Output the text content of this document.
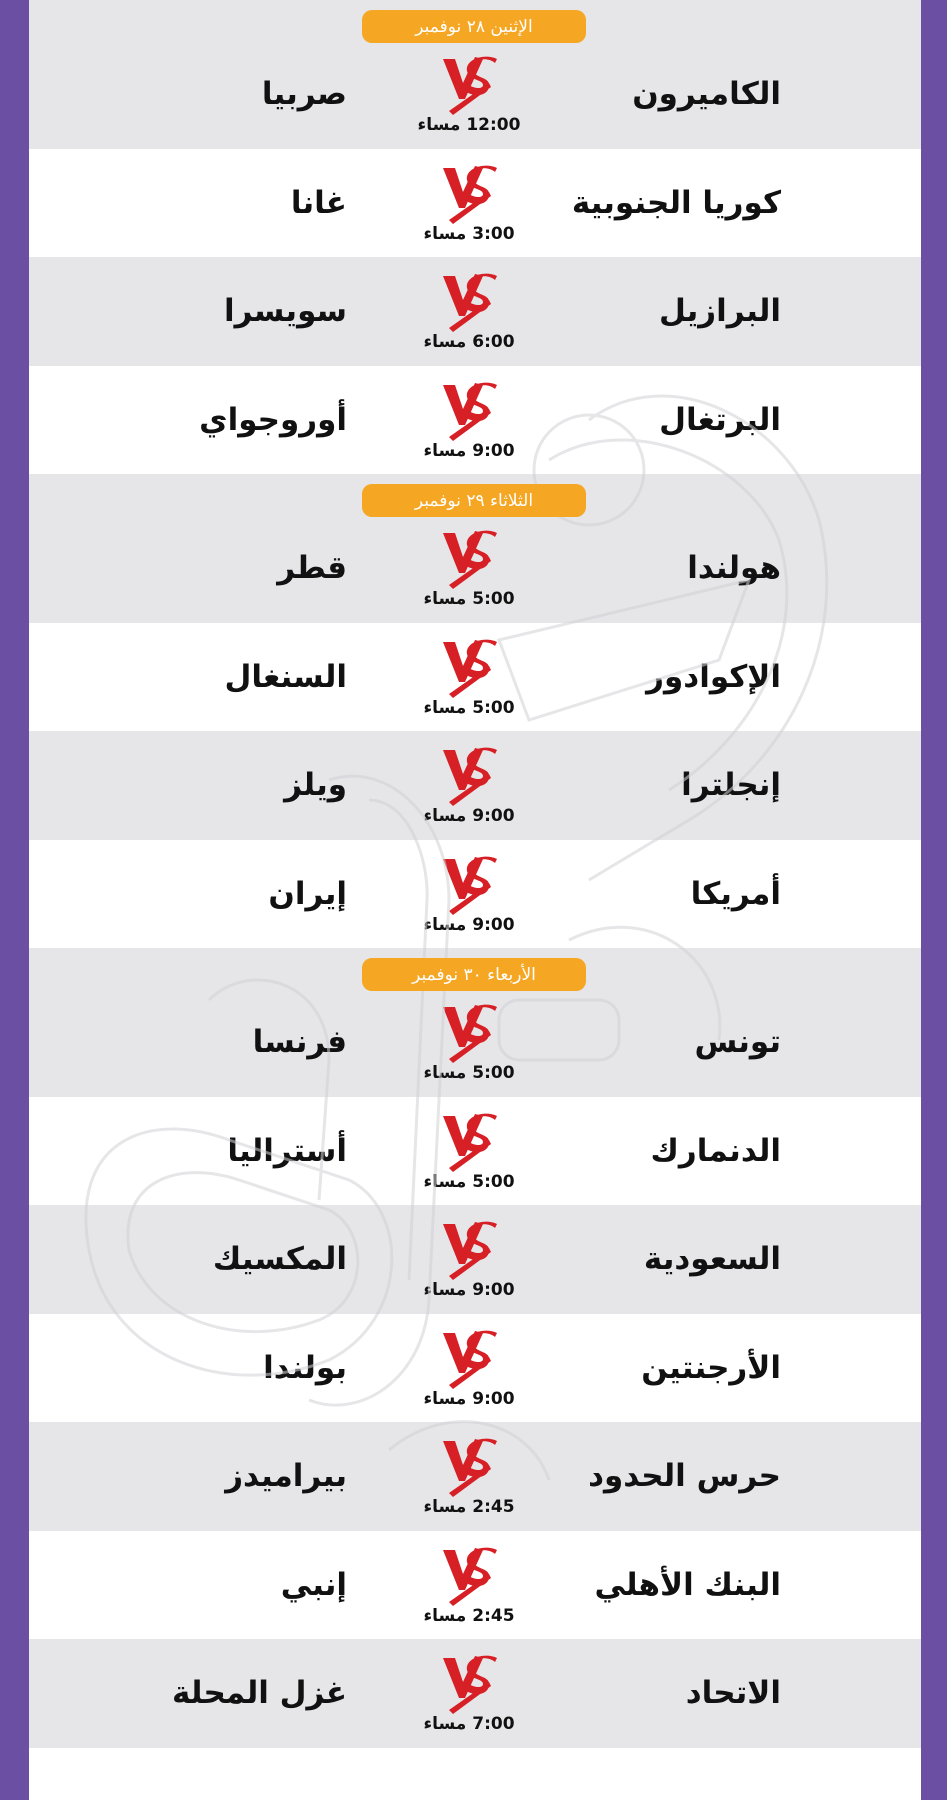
الكاميرون
12:00 مساء
صربيا
الإثنين ٢٨ نوفمبر
كوريا الجنوبية
3:00 مساء
غانا
البرازيل
6:00 مساء
سويسرا
البرتغال
9:00 مساء
أوروجواي
هولندا
5:00 مساء
قطر
الثلاثاء ٢٩ نوفمبر
الإكوادور
5:00 مساء
السنغال
إنجلترا
9:00 مساء
ويلز
أمريكا
9:00 مساء
إيران
تونس
5:00 مساء
فرنسا
الأربعاء ٣٠ نوفمبر
الدنمارك
5:00 مساء
أستراليا
السعودية
9:00 مساء
المكسيك
الأرجنتين
9:00 مساء
بولندا
حرس الحدود
2:45 مساء
بيراميدز
البنك الأهلي
2:45 مساء
إنبي
الاتحاد
7:00 مساء
غزل المحلة
